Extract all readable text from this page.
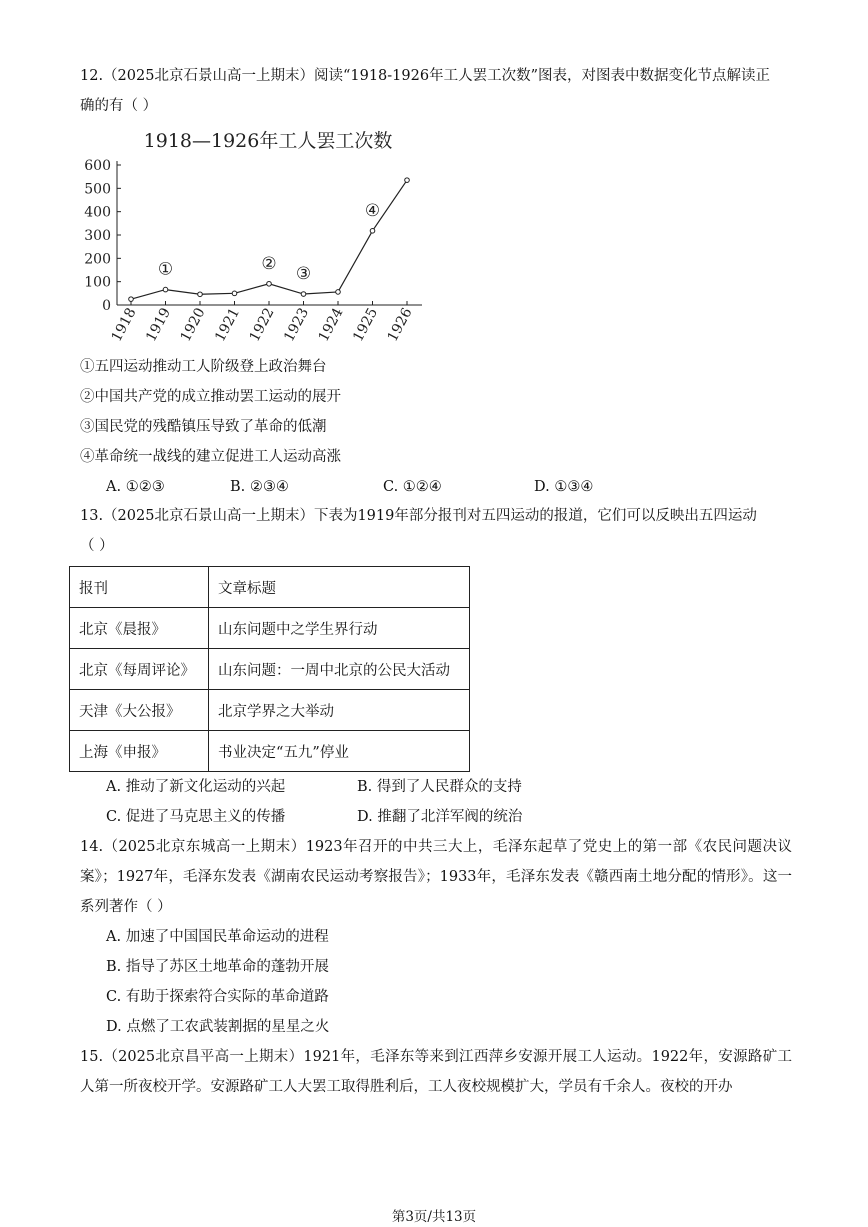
12.（2025北京石景山高一上期末）阅读“1918-1926年工人罢工次数”图表，对图表中数据变化节点解读正
确的有（ ）
1918—1926年工人罢工次数
0
100
200
300
400
500
600
1918 1919 1920 1921 1922 1923 1924 1925 1926
①	②
③
④
①五四运动推动工人阶级登上政治舞台
②中国共产党的成立推动罢工运动的展开
③国民党的残酷镇压导致了革命的低潮
④革命统一战线的建立促进工人运动高涨
A. ①②③	B. ②③④	C. ①②④	D. ①③④
13.（2025北京石景山高一上期末）下表为1919年部分报刊对五四运动的报道，它们可以反映出五四运动
（ ）
报刊	文章标题
北京《晨报》	山东问题中之学生界行动
北京《每周评论》	山东问题：一周中北京的公民大活动
天津《大公报》	北京学界之大举动
上海《申报》	书业决定“五九”停业
A. 推动了新文化运动的兴起	B. 得到了人民群众的支持
C. 促进了马克思主义的传播	D. 推翻了北洋军阀的统治
14.（2025北京东城高一上期末）1923年召开的中共三大上，毛泽东起草了党史上的第一部《农民问题决议案》；1927年，毛泽东发表《湖南农民运动考察报告》；1933年，毛泽东发表《赣西南土地分配的情形》。这一系列著作（ ）
A. 加速了中国国民革命运动的进程
B. 指导了苏区土地革命的蓬勃开展
C. 有助于探索符合实际的革命道路
D. 点燃了工农武装割据的星星之火
15.（2025北京昌平高一上期末）1921年，毛泽东等来到江西萍乡安源开展工人运动。1922年，安源路矿工人第一所夜校开学。安源路矿工人大罢工取得胜利后，工人夜校规模扩大，学员有千余人。夜校的开办
第3页/共13页
